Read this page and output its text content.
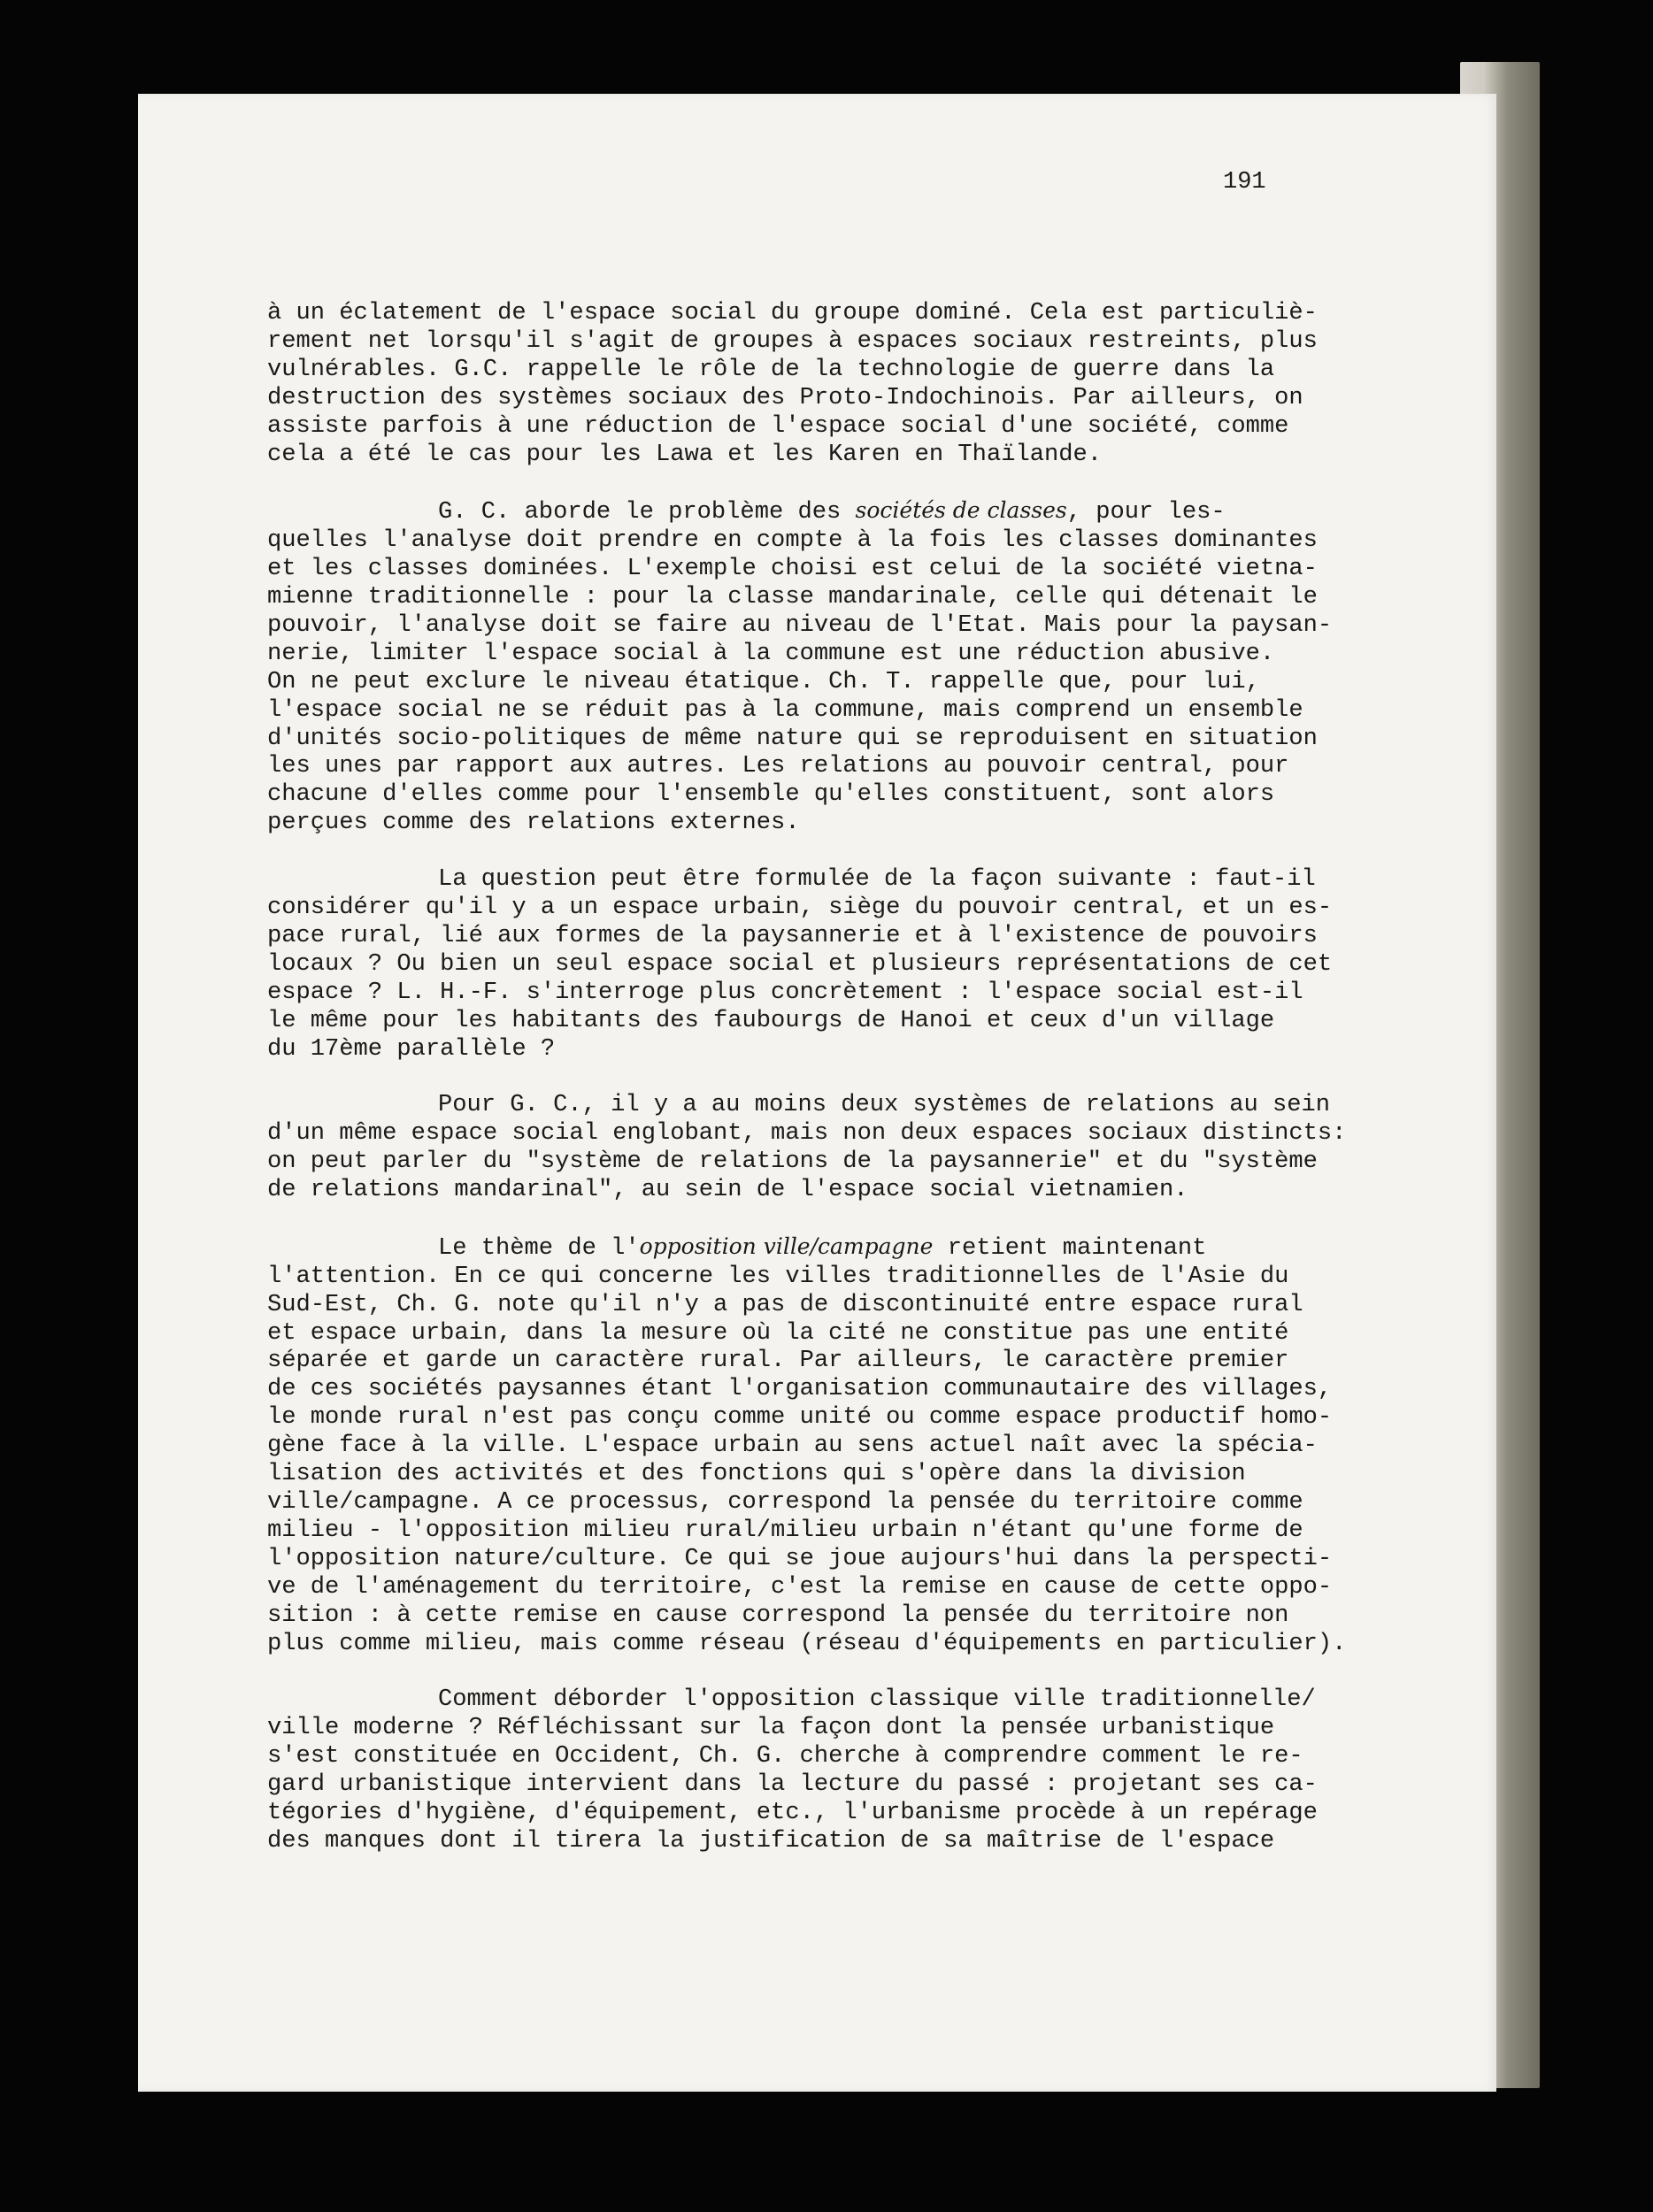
191
à un éclatement de l'espace social du groupe dominé. Cela est particuliè-
rement net lorsqu'il s'agit de groupes à espaces sociaux restreints, plus
vulnérables. G.C. rappelle le rôle de la technologie de guerre dans la
destruction des systèmes sociaux des Proto-Indochinois. Par ailleurs, on
assiste parfois à une réduction de l'espace social d'une société, comme
cela a été le cas pour les Lawa et les Karen en Thaïlande.
G. C. aborde le problème des sociétés de classes, pour les-
quelles l'analyse doit prendre en compte à la fois les classes dominantes
et les classes dominées. L'exemple choisi est celui de la société vietna-
mienne traditionnelle : pour la classe mandarinale, celle qui détenait le
pouvoir, l'analyse doit se faire au niveau de l'Etat. Mais pour la paysan-
nerie, limiter l'espace social à la commune est une réduction abusive.
On ne peut exclure le niveau étatique. Ch. T. rappelle que, pour lui,
l'espace social ne se réduit pas à la commune, mais comprend un ensemble
d'unités socio-politiques de même nature qui se reproduisent en situation
les unes par rapport aux autres. Les relations au pouvoir central, pour
chacune d'elles comme pour l'ensemble qu'elles constituent, sont alors
perçues comme des relations externes.
La question peut être formulée de la façon suivante : faut-il
considérer qu'il y a un espace urbain, siège du pouvoir central, et un es-
pace rural, lié aux formes de la paysannerie et à l'existence de pouvoirs
locaux ? Ou bien un seul espace social et plusieurs représentations de cet
espace ? L. H.-F. s'interroge plus concrètement : l'espace social est-il
le même pour les habitants des faubourgs de Hanoi et ceux d'un village
du 17ème parallèle ?
Pour G. C., il y a au moins deux systèmes de relations au sein
d'un même espace social englobant, mais non deux espaces sociaux distincts:
on peut parler du "système de relations de la paysannerie" et du "système
de relations mandarinal", au sein de l'espace social vietnamien.
Le thème de l'opposition ville/campagne retient maintenant
l'attention. En ce qui concerne les villes traditionnelles de l'Asie du
Sud-Est, Ch. G. note qu'il n'y a pas de discontinuité entre espace rural
et espace urbain, dans la mesure où la cité ne constitue pas une entité
séparée et garde un caractère rural. Par ailleurs, le caractère premier
de ces sociétés paysannes étant l'organisation communautaire des villages,
le monde rural n'est pas conçu comme unité ou comme espace productif homo-
gène face à la ville. L'espace urbain au sens actuel naît avec la spécia-
lisation des activités et des fonctions qui s'opère dans la division
ville/campagne. A ce processus, correspond la pensée du territoire comme
milieu - l'opposition milieu rural/milieu urbain n'étant qu'une forme de
l'opposition nature/culture. Ce qui se joue aujours'hui dans la perspecti-
ve de l'aménagement du territoire, c'est la remise en cause de cette oppo-
sition : à cette remise en cause correspond la pensée du territoire non
plus comme milieu, mais comme réseau (réseau d'équipements en particulier).
Comment déborder l'opposition classique ville traditionnelle/
ville moderne ? Réfléchissant sur la façon dont la pensée urbanistique
s'est constituée en Occident, Ch. G. cherche à comprendre comment le re-
gard urbanistique intervient dans la lecture du passé : projetant ses ca-
tégories d'hygiène, d'équipement, etc., l'urbanisme procède à un repérage
des manques dont il tirera la justification de sa maîtrise de l'espace
